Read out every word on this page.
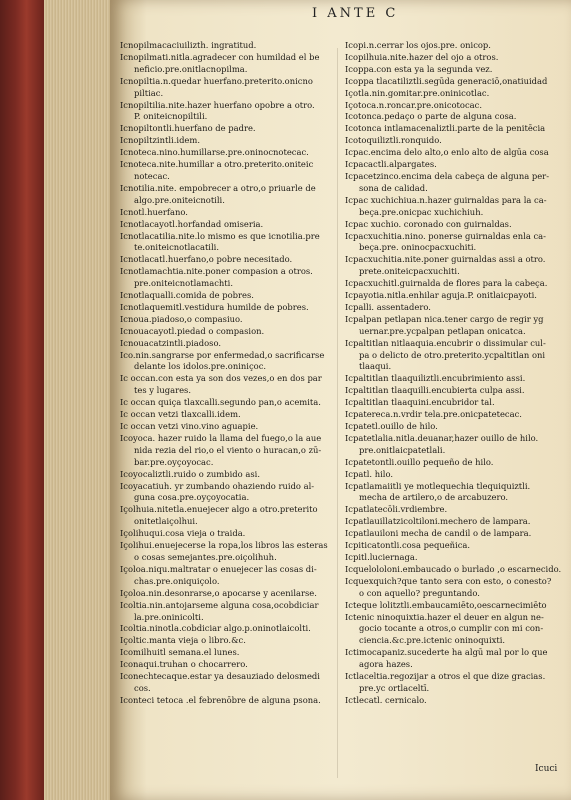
I ANTE C
Icnopilmacaciuilizth. ingratitud.
Icnopilmati.nitla.agradecer con humildad el be
neficio.pre.onitlacnopilma.
Icnopiltia.n.quedar huerfano.preterito.onicno
piltiac.
Icnopiltilia.nite.hazer huerfano opobre a otro.
P. oniteicnopiltili.
Icnopiltontli.huerfano de padre.
Icnopiltzintli.idem.
Icnoteca.nino.humillarse.pre.oninocnotecac.
Icnoteca.nite.humillar a otro.preterito.oniteic
notecac.
Icnotilia.nite. empobrecer a otro,o priuarle de
algo.pre.oniteicnotili.
Icnotl.huerfano.
Icnotlacayotl.horfandad omiseria.
Icnotlacatilia.nite.lo mismo es que icnotilia.pre
te.oniteicnotlacatili.
Icnotlacatl.huerfano,o pobre necesitado.
Icnotlamachtia.nite.poner compasion a otros.
pre.oniteicnotlamachti.
Icnotlaqualli.comida de pobres.
Icnotlaquemitl.vestidura humilde de pobres.
Icnoua.piadoso,o compasiuo.
Icnouacayotl.piedad o compasion.
Icnouacatzintli.piadoso.
Ico.nin.sangrarse por enfermedad,o sacrificarse
delante los idolos.pre.oniniçoc.
Ic occan.con esta ya son dos vezes,o en dos par
tes y lugares.
Ic occan quiça tlaxcalli.segundo pan,o acemita.
Ic occan vetzi tlaxcalli.idem.
Ic occan vetzi vino.vino aguapie.
Icoyoca. hazer ruido la llama del fuego,o la aue
nida rezia del rio,o el viento o huracan,o zū-
bar.pre.oyçoyocac.
Icoyocaliztli.ruido o zumbido asi.
Icoyacatiuh. yr zumbando ohaziendo ruido al-
guna cosa.pre.oyçoyocatia.
Içolhuia.nitetla.enuejecer algo a otro.preterito
onitetlaiçolhui.
Içolihuqui.cosa vieja o traida.
Içolihui.enuejecerse la ropa,los libros las esteras
o cosas semejantes.pre.oiçolihuh.
Içoloa.niqu.maltratar o enuejecer las cosas di-
chas.pre.oniquiçolo.
Içoloa.nin.desonrarse,o apocarse y acenilarse.
Icoltia.nin.antojarseme alguna cosa,ocobdiciar
la.pre.oninicolti.
Icoltia.ninotla.cobdiciar algo.p.oninotlaicolti.
Içoltic.manta vieja o libro.&c.
Icomilhuitl semana.el lunes.
Iconaqui.truhan o chocarrero.
Iconechtecaque.estar ya desauziado delosmedi
cos.
Iconteci tetoca .el febrenōbre de alguna psona.
Icopi.n.cerrar los ojos.pre. onicop.
Icopilhuia.nite.hazer del ojo a otros.
Icoppa.con esta ya la segunda vez.
Icoppa tlacatiliztli.segūda generaciō,onatiuidad
Içotla.nin.gomitar.pre.oninicotlac.
Içotoca.n.roncar.pre.onicotocac.
Icotonca.pedaço o parte de alguna cosa.
Icotonca intlamacenaliztli.parte de la penitēcia
Icotoquiliztli.ronquido.
Icpac.encima delo alto,o enlo alto de algūa cosa
Icpacactli.alpargates.
Icpacetzinco.encima dela cabeça de alguna per-
sona de calidad.
Icpac xuchichiua.n.hazer guirnaldas para la ca-
beça.pre.onicpac xuchichiuh.
Icpac xuchio. coronado con guirnaldas.
Icpacxuchitia.nino. ponerse guirnaldas enla ca-
beça.pre. oninocpacxuchiti.
Icpacxuchitia.nite.poner guirnaldas assi a otro.
prete.oniteicpacxuchiti.
Icpacxuchitl.guirnalda de flores para la cabeça.
Icpayotia.nitla.enhilar aguja.P. onitlaicpayoti.
Icpalli. assentadero.
Icpalpan petlapan nica.tener cargo de regir yg
uernar.pre.ycpalpan petlapan onicatca.
Icpaltitlan nitlaaquia.encubrir o dissimular cul-
pa o delicto de otro.preterito.ycpaltitlan oni
tlaaqui.
Icpaltitlan tlaaquiliztli.encubrimiento assi.
Icpaltitlan tlaaquilli.encubierta culpa assi.
Icpaltitlan tlaaquini.encubridor tal.
Icpatereca.n.vrdir tela.pre.onicpatetecac.
Icpatetl.ouillo de hilo.
Icpatetlalia.nitla.deuanar,hazer ouillo de hilo.
pre.onitlaicpatetlali.
Icpatetontli.ouillo pequeño de hilo.
Icpatl. hilo.
Icpatlamaiitli ye motlequechia tlequiquiztli.
mecha de artilero,o de arcabuzero.
Icpatlatecōli.vrdiembre.
Icpatlauillatzicoltiloni.mechero de lampara.
Icpatlauiloni mecha de candil o de lampara.
Icpiticatontli.cosa pequeñica.
Icpitl.luciernaga.
Icquelololoni.embaucado o burlado ,o escarnecido.
Icquexquich?que tanto sera con esto, o conesto?
o con aquello? preguntando.
Icteque lolitztli.embaucamiēto,oescarnecimiēto
Ictenic ninoquixtia.hazer el deuer en algun ne-
gocio tocante a otros,o cumplir con mi con-
ciencia.&c.pre.ictenic oninoquixti.
Ictimocapaniz.sucederte ha algū mal por lo que
agora hazes.
Ictlaceltia.regozijar a otros el que dize gracias.
pre.yc ortlaceltī.
Ictlecatl. cernicalo.
Icuci
